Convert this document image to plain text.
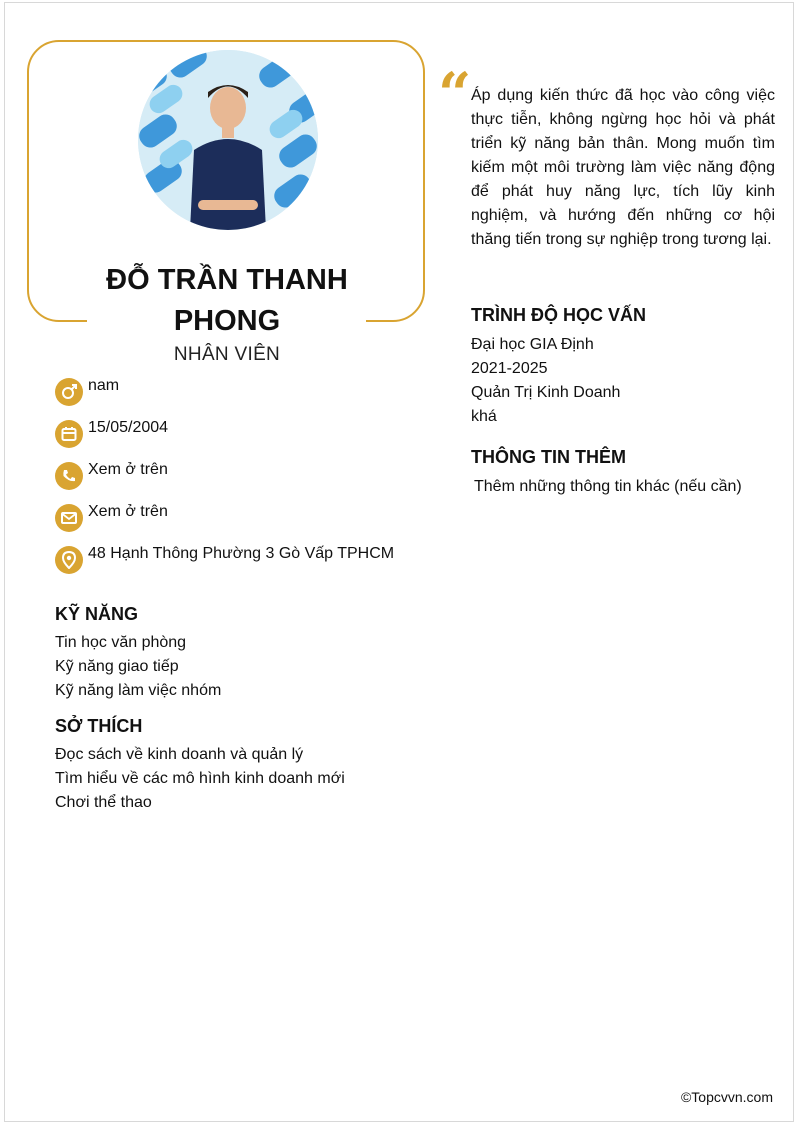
ĐỖ TRẦN THANH
PHONG
NHÂN VIÊN
nam
15/05/2004
Xem ở trên
Xem ở trên
48 Hạnh Thông Phường 3 Gò Vấp TPHCM
KỸ NĂNG
Tin học văn phòng
Kỹ năng giao tiếp
Kỹ năng làm việc nhóm
SỞ THÍCH
Đọc sách về kinh doanh và quản lý
Tìm hiểu về các mô hình kinh doanh mới
Chơi thể thao
“ Áp dụng kiến thức đã học vào công việc thực tiễn, không ngừng học hỏi và phát triển kỹ năng bản thân. Mong muốn tìm kiếm một môi trường làm việc năng động để phát huy năng lực, tích lũy kinh nghiệm, và hướng đến những cơ hội thăng tiến trong sự nghiệp trong tương lại.
TRÌNH ĐỘ HỌC VẤN
Đại học GIA Định
2021-2025
Quản Trị Kinh Doanh
khá
THÔNG TIN THÊM
Thêm những thông tin khác (nếu cần)
©Topcvvn.com
